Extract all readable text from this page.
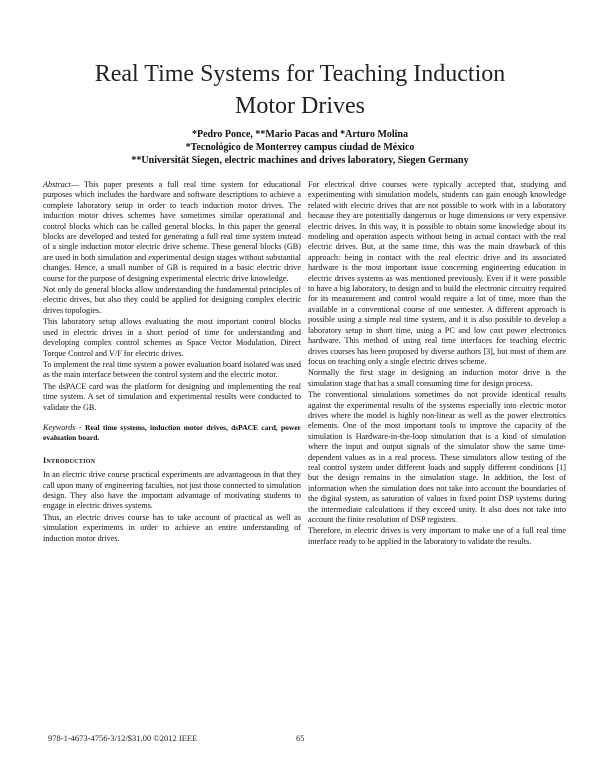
Real Time Systems for Teaching Induction
Motor Drives
*Pedro Ponce, **Mario Pacas and *Arturo Molina
*Tecnológico de Monterrey campus ciudad de México
**Universität Siegen, electric machines and drives laboratory, Siegen Germany

Abstract— This paper presents a full real time system for educational purposes which includes the hardware and software descriptions to achieve a complete laboratory setup in order to teach induction motor drives. The induction motor drives schemes have sometimes similar operational and control blocks which can be called general blocks. In this paper the general blocks are developed and tested for generating a full real time system instead of a single induction motor electric drive scheme. These general blocks (GB) are used in both simulation and experimental design stages without substantial changes. Hence, a small number of GB is required in a basic electric drive course for the purpose of designing experimental electric drive knowledge.

Not only do general blocks allow understanding the fundamental principles of electric drives, but also they could be applied for designing complex electric drives topologies.

This laboratory setup allows evaluating the most important control blocks used in electric drives in a short period of time for understanding and developing complex control schemes as Space Vector Modulation, Direct Torque Control and V/F for electric drives.

To implement the real time system a power evaluation board isolated was used as the main interface between the control system and the electric motor.

The dsPACE card was the platform for designing and implementing the real time system. A set of simulation and experimental results were conducted to validate the GB.

Keywords - Real time systems, induction motor drives, dsPACE card, power evaluation board.
Introduction

In an electric drive course practical experiments are advantageous in that they call upon many of engineering faculties, not just those connected to simulation design. They also have the important advantage of motivating students to engage in electric drives systems.

Thus, an electric drives course has to take account of practical as well as simulation experiments in order to achieve an entire understanding of induction motor drives.

For electrical drive courses were typically accepted that, studying and experimenting with simulation models, students can gain enough knowledge related with electric drives that are not possible to work with in a laboratory because they are potentially dangerous or huge dimensions or very expensive electric drives. In this way, it is possible to obtain some knowledge about its modeling and operation aspects without being in actual contact with the real electric drives. But, at the same time, this was the main drawback of this approach: being in contact with the real electric drive and its associated hardware is the most important issue concerning engineering education in electric drives systems as was mentioned previously. Even if it were possible to have a big laboratory, to design and to build the electronic circuitry required for its measurement and control would require a lot of time, more than the available in a conventional course of one semester. A different approach is possible using a simple real time system, and it is also possible to develop a laboratory setup in short time, using a PC and low cost power electronics hardware. This method of using real time interfaces for teaching electric drives courses has been proposed by diverse authors [3], but most of them are focus on teaching only a single electric drives scheme.

Normally the first stage in designing an induction motor drive is the simulation stage that has a small consuming time for design process.

The conventional simulations sometimes do not provide identical results against the experimental results of the systems especially into electric motor drives where the model is highly non-linear as well as the power electronics elements. One of the most important tools to improve the capacity of the simulation is Hardware-in-the-loop simulation that is a kind of simulation where the input and output signals of the simulator show the same time-dependent values as in a real process. These simulators allow testing of the real control system under different loads and supply different conditions [1] but the design remains in the simulation stage. In addition, the lost of information when the simulation does not take into account the boundaries of the digital system, as saturation of values in fixed point DSP systems during the intermediate calculations if they exceed unity. It also does not take into account the finite resolution of DSP registers.

Therefore, in electric drives is very important to make use of a full real time interface ready to be applied in the laboratory to validate the results.

978-1-4673-4756-3/12/$31.00 ©2012 IEEE	65
